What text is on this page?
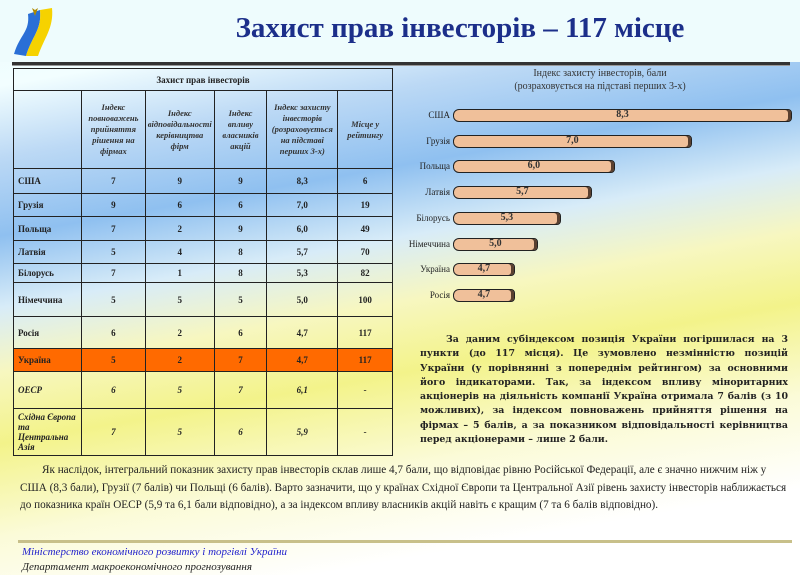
Захист прав інвесторів – 117 місце
Захист прав інвесторів					
	Індекс повноважень прийняття рішення на фірмах	Індекс відповідальності керівництва фірм	Індекс впливу власників акцій	Індекс захисту інвесторів (розраховується на підставі перших 3-х)	Місце у рейтингу
США	7	9	9	8,3	6
Грузія	9	6	6	7,0	19
Польща	7	2	9	6,0	49
Латвія	5	4	8	5,7	70
Білорусь	7	1	8	5,3	82
Німеччина	5	5	5	5,0	100
Росія	6	2	6	4,7	117
Україна	5	2	7	4,7	117
ОЕСР	6	5	7	6,1	-
Східна Європа та Центральна Азія	7	5	6	5,9	-
Індекс захисту інвесторів, бали
(розраховується на підставі перших 3-х)
США	8,3
Грузія	7,0
Польща	6,0
Латвія	5,7
Білорусь	5,3
Німеччина	5,0
Україна	4,7
Росія	4,7
За даним субіндексом позиція України погіршилася на 3 пункти (до 117 місця). Це зумовлено незмінністю позицій України (у порівнянні з попереднім рейтингом) за основними його індикаторами. Так, за індексом впливу міноритарних акціонерів на діяльність компанії Україна отримала 7 балів (з 10 можливих), за індексом повноважень прийняття рішення на фірмах – 5 балів, а за показником відповідальності керівництва перед акціонерами – лише 2 бали.
Як наслідок, інтегральний показник захисту прав інвесторів склав лише 4,7 бали, що відповідає рівню Російської Федерації, але є значно нижчим ніж у США (8,3 бали), Грузії (7 балів) чи Польщі (6 балів). Варто зазначити, що у країнах Східної Європи та Центральної Азії рівень захисту інвесторів наближається до показника країн ОЕСР (5,9 та 6,1 бали відповідно), а за індексом впливу власників акцій навіть є кращим (7 та 6 балів відповідно).
Міністерство економічного розвитку і торгівлі України
Департамент макроекономічного прогнозування
